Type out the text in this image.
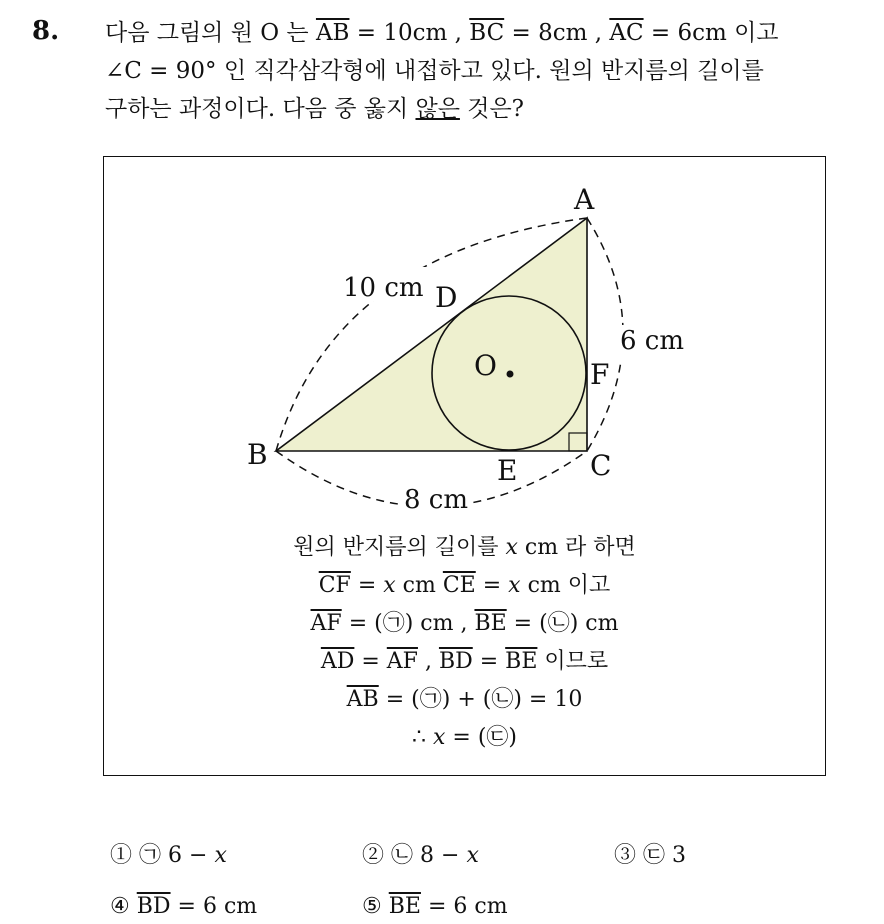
8. 다음 그림의 원 O 는 $\overline{AB} = 10cm$ , $\overline{BC} = 8cm$ , $\overline{AC} = 6cm$ 이고
∠C = 90° 인 직각삼각형에 내접하고 있다. 원의 반지름의 길이를
구하는 과정이다. 다음 중 옳지 않은 것은?
A
B	C
D
E
F
O
10 cm
6 cm
8 cm
원의 반지름의 길이를 x cm 라 하면
$\overline{CF} = x$ cm $\overline{CE} = x$ cm 이고
$\overline{AF}$ = (㉠) cm , $\overline{BE}$ = (㉡) cm
$\overline{AD} = \overline{AF}$ , $\overline{BD} = \overline{BE}$ 이므로
$\overline{AB}$ = (㉠) + (㉡) = 10
∴ x = (㉢)
① ㉠ 6 − x	② ㉡ 8 − x	③ ㉢ 3
④ $\overline{BD} = 6$ cm	⑤ $\overline{BE} = 6$ cm
